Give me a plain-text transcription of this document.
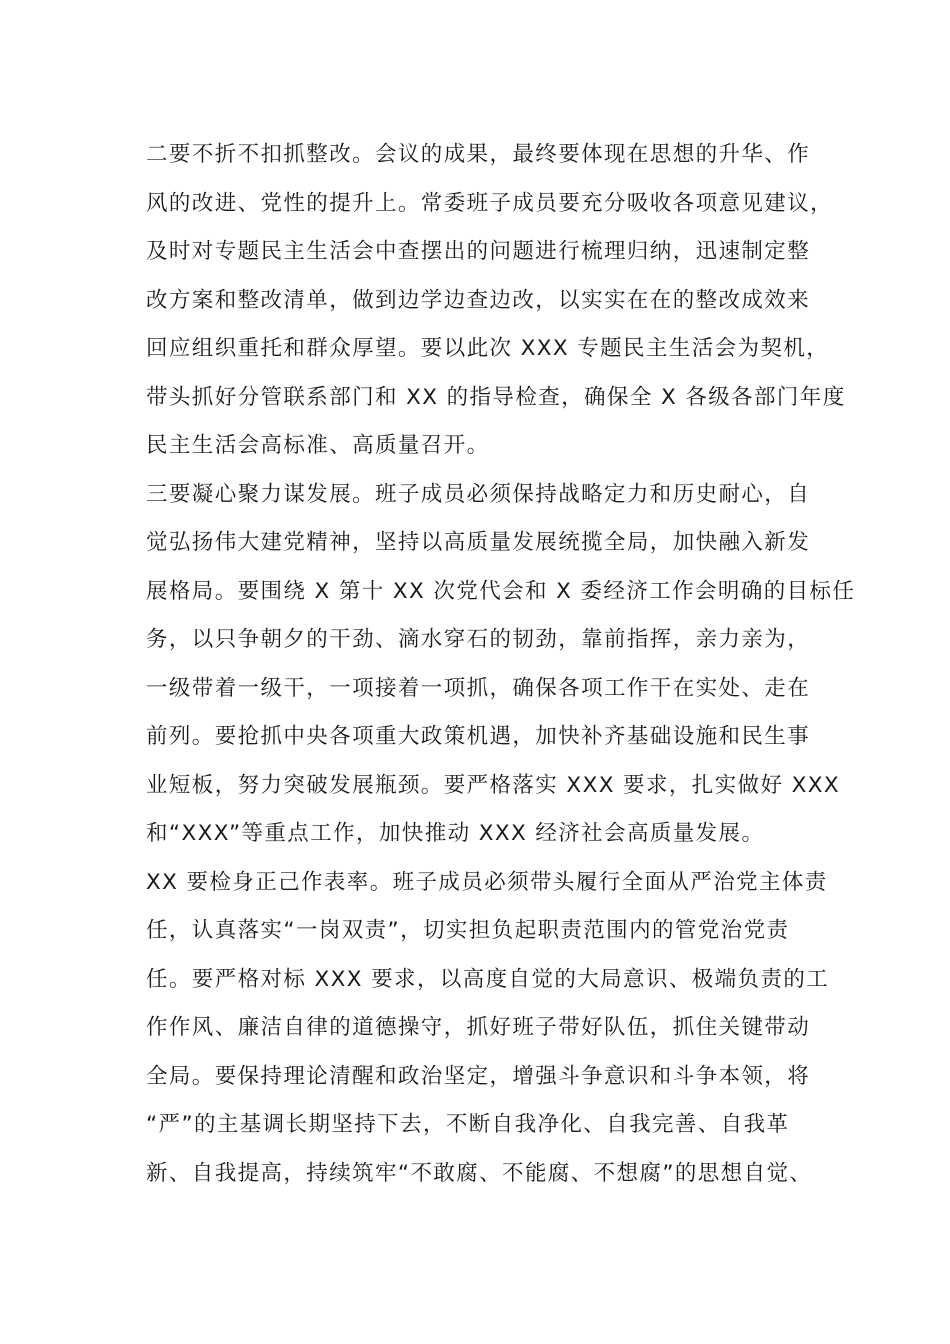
二要不折不扣抓整改。会议的成果，最终要体现在思想的升华、作
风的改进、党性的提升上。常委班子成员要充分吸收各项意见建议，
及时对专题民主生活会中查摆出的问题进行梳理归纳，迅速制定整
改方案和整改清单，做到边学边查边改，以实实在在的整改成效来
回应组织重托和群众厚望。要以此次 XXX 专题民主生活会为契机，
带头抓好分管联系部门和 XX 的指导检查，确保全 X 各级各部门年度
民主生活会高标准、高质量召开。
三要凝心聚力谋发展。班子成员必须保持战略定力和历史耐心，自
觉弘扬伟大建党精神，坚持以高质量发展统揽全局，加快融入新发
展格局。要围绕 X 第十 XX 次党代会和 X 委经济工作会明确的目标任
务，以只争朝夕的干劲、滴水穿石的韧劲，靠前指挥，亲力亲为，
一级带着一级干，一项接着一项抓，确保各项工作干在实处、走在
前列。要抢抓中央各项重大政策机遇，加快补齐基础设施和民生事
业短板，努力突破发展瓶颈。要严格落实 XXX 要求，扎实做好 XXX
和“XXX”等重点工作，加快推动 XXX 经济社会高质量发展。
XX 要检身正己作表率。班子成员必须带头履行全面从严治党主体责
任，认真落实“一岗双责”，切实担负起职责范围内的管党治党责
任。要严格对标 XXX 要求，以高度自觉的大局意识、极端负责的工
作作风、廉洁自律的道德操守，抓好班子带好队伍，抓住关键带动
全局。要保持理论清醒和政治坚定，增强斗争意识和斗争本领，将
“严”的主基调长期坚持下去，不断自我净化、自我完善、自我革
新、自我提高，持续筑牢“不敢腐、不能腐、不想腐”的思想自觉、
